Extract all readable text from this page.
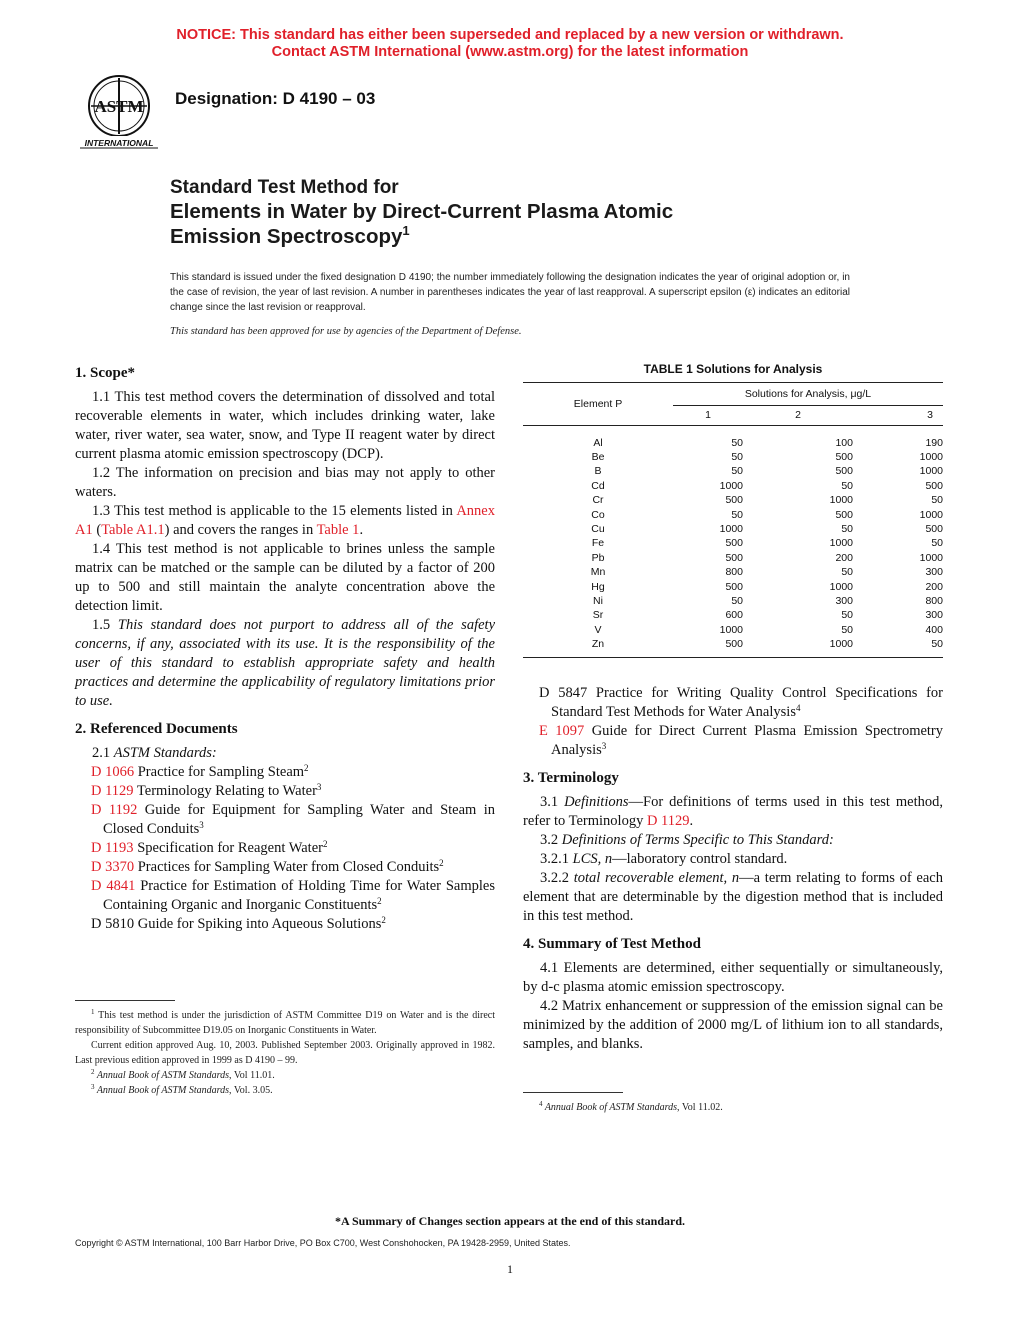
NOTICE: This standard has either been superseded and replaced by a new version or withdrawn.
Contact ASTM International (www.astm.org) for the latest information
ASTM
INTERNATIONAL
Designation: D 4190 – 03
Standard Test Method for
Elements in Water by Direct-Current Plasma Atomic
Emission Spectroscopy$^1$
This standard is issued under the fixed designation D 4190; the number immediately following the designation indicates the year of original adoption or, in the case of revision, the year of last revision. A number in parentheses indicates the year of last reapproval. A superscript epsilon (ε) indicates an editorial change since the last revision or reapproval.
This standard has been approved for use by agencies of the Department of Defense.
1. Scope*
1.1 This test method covers the determination of dissolved and total recoverable elements in water, which includes drinking water, lake water, river water, sea water, snow, and Type II reagent water by direct current plasma atomic emission spectroscopy (DCP).
1.2 The information on precision and bias may not apply to other waters.
1.3 This test method is applicable to the 15 elements listed in Annex A1 (Table A1.1) and covers the ranges in Table 1.
1.4 This test method is not applicable to brines unless the sample matrix can be matched or the sample can be diluted by a factor of 200 up to 500 and still maintain the analyte concentration above the detection limit.
1.5 This standard does not purport to address all of the safety concerns, if any, associated with its use. It is the responsibility of the user of this standard to establish appropriate safety and health practices and determine the applicability of regulatory limitations prior to use.
2. Referenced Documents
2.1 ASTM Standards:
D 1066 Practice for Sampling Steam$^2$
D 1129 Terminology Relating to Water$^3$
D 1192 Guide for Equipment for Sampling Water and Steam in Closed Conduits$^3$
D 1193 Specification for Reagent Water$^2$
D 3370 Practices for Sampling Water from Closed Conduits$^2$
D 4841 Practice for Estimation of Holding Time for Water Samples Containing Organic and Inorganic Constituents$^2$
D 5810 Guide for Spiking into Aqueous Solutions$^2$
$^1$ This test method is under the jurisdiction of ASTM Committee D19 on Water and is the direct responsibility of Subcommittee D19.05 on Inorganic Constituents in Water.
Current edition approved Aug. 10, 2003. Published September 2003. Originally approved in 1982. Last previous edition approved in 1999 as D 4190 – 99.
$^2$ Annual Book of ASTM Standards, Vol 11.01.
$^3$ Annual Book of ASTM Standards, Vol. 3.05.
TABLE 1 Solutions for Analysis

Element P	Solutions for Analysis, μg/L		
	1	2	3
Al	50	100	190
Be	50	500	1000
B	50	500	1000
Cd	1000	50	500
Cr	500	1000	50
Co	50	500	1000
Cu	1000	50	500
Fe	500	1000	50
Pb	500	200	1000
Mn	800	50	300
Hg	500	1000	200
Ni	50	300	800
Sr	600	50	300
V	1000	50	400
Zn	500	1000	50

D 5847 Practice for Writing Quality Control Specifications for Standard Test Methods for Water Analysis$^4$
E 1097 Guide for Direct Current Plasma Emission Spectrometry Analysis$^3$
3. Terminology
3.1 Definitions—For definitions of terms used in this test method, refer to Terminology D 1129.
3.2 Definitions of Terms Specific to This Standard:
3.2.1 LCS, n—laboratory control standard.
3.2.2 total recoverable element, n—a term relating to forms of each element that are determinable by the digestion method that is included in this test method.
4. Summary of Test Method
4.1 Elements are determined, either sequentially or simultaneously, by d-c plasma atomic emission spectroscopy.
4.2 Matrix enhancement or suppression of the emission signal can be minimized by the addition of 2000 mg/L of lithium ion to all standards, samples, and blanks.
$^4$ Annual Book of ASTM Standards, Vol 11.02.
*A Summary of Changes section appears at the end of this standard.
Copyright © ASTM International, 100 Barr Harbor Drive, PO Box C700, West Conshohocken, PA 19428-2959, United States.
1
